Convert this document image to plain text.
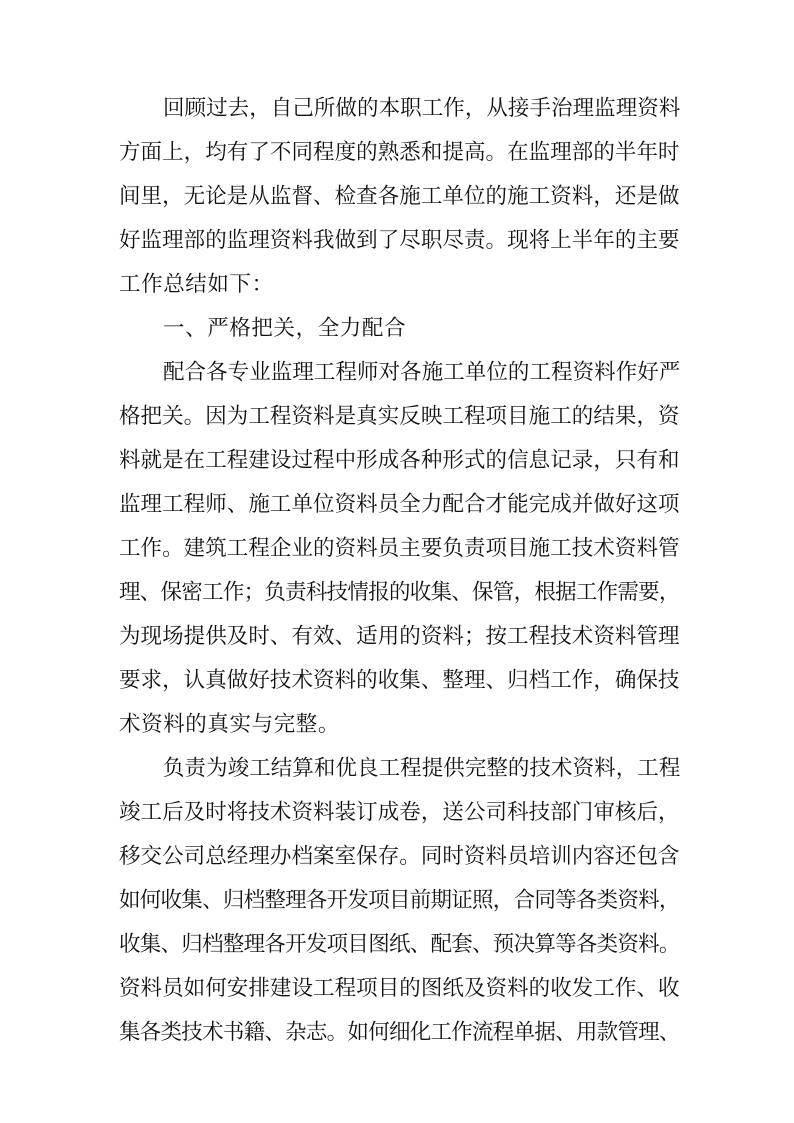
回顾过去，自己所做的本职工作，从接手治理监理资料
方面上，均有了不同程度的熟悉和提高。在监理部的半年时
间里，无论是从监督、检查各施工单位的施工资料，还是做
好监理部的监理资料我做到了尽职尽责。现将上半年的主要
工作总结如下：
一、严格把关，全力配合
配合各专业监理工程师对各施工单位的工程资料作好严
格把关。因为工程资料是真实反映工程项目施工的结果，资
料就是在工程建设过程中形成各种形式的信息记录，只有和
监理工程师、施工单位资料员全力配合才能完成并做好这项
工作。建筑工程企业的资料员主要负责项目施工技术资料管
理、保密工作；负责科技情报的收集、保管，根据工作需要，
为现场提供及时、有效、适用的资料；按工程技术资料管理
要求，认真做好技术资料的收集、整理、归档工作，确保技
术资料的真实与完整。
负责为竣工结算和优良工程提供完整的技术资料，工程
竣工后及时将技术资料装订成卷，送公司科技部门审核后，
移交公司总经理办档案室保存。同时资料员培训内容还包含
如何收集、归档整理各开发项目前期证照，合同等各类资料，
收集、归档整理各开发项目图纸、配套、预决算等各类资料。
资料员如何安排建设工程项目的图纸及资料的收发工作、收
集各类技术书籍、杂志。如何细化工作流程单据、用款管理、
